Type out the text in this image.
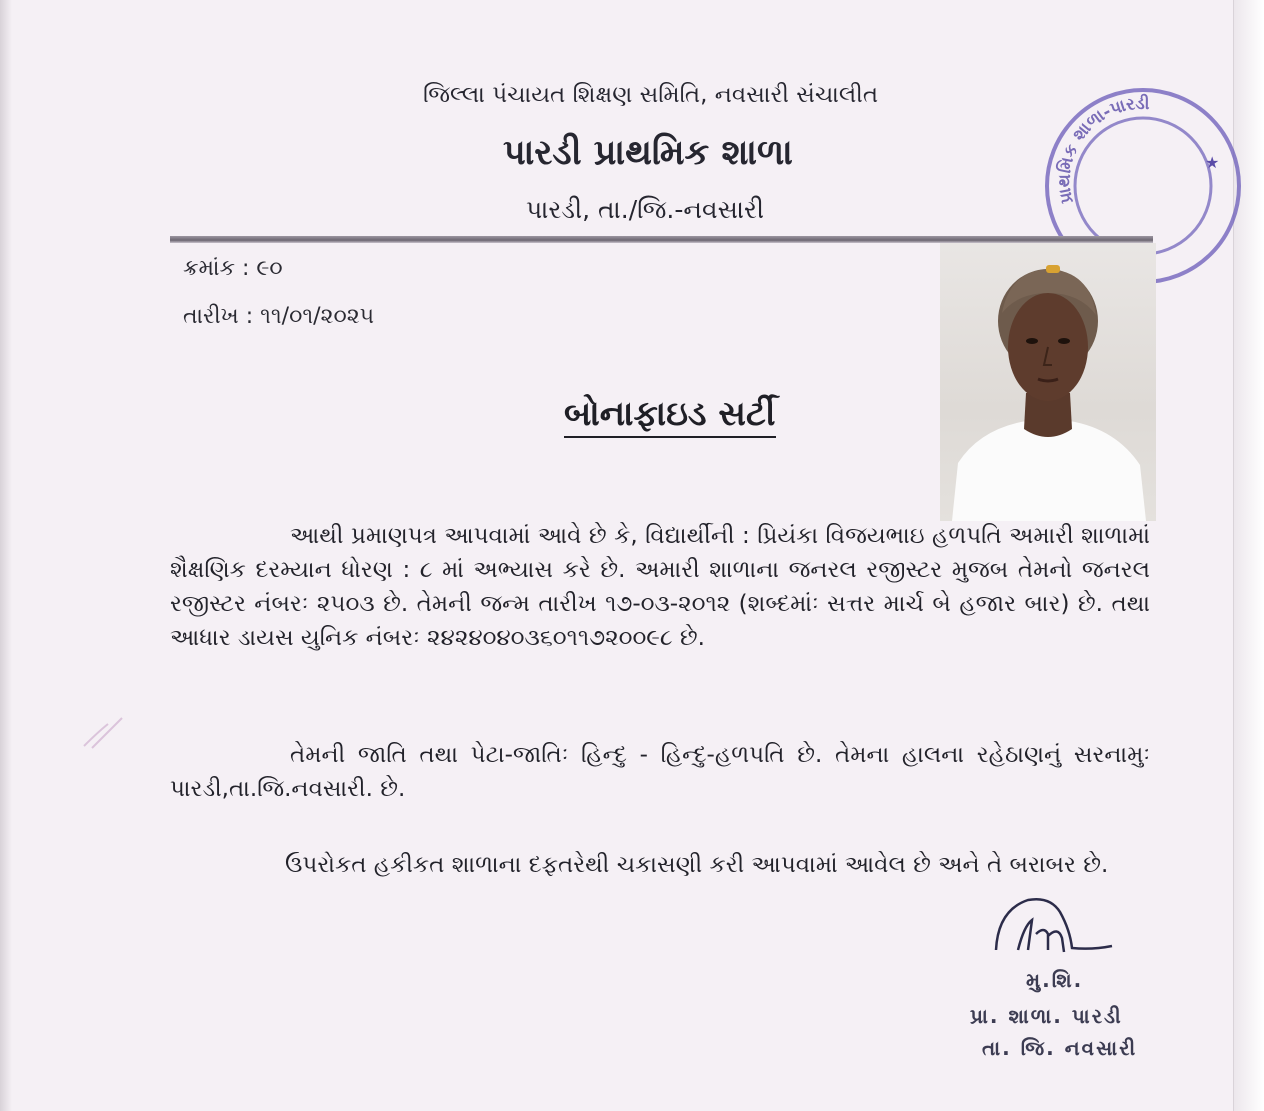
જિલ્લા પંચાયત શિક્ષણ સમિતિ, નવસારી સંચાલીત
પારડી પ્રાથમિક શાળા
પારડી, તા./જિ.-નવસારી	પ્રાથમિક શાળા-પારડી
★
ક્રમાંક : ૯૦
તારીખ : ૧૧/૦૧/૨૦૨૫
બોનાફાઇડ સર્ટી
આથી પ્રમાણપત્ર આપવામાં આવે છે કે, વિદ્યાર્થીની : પ્રિયંકા વિજયભાઇ હળપતિ અમારી શાળામાં શૈક્ષણિક દરમ્યાન ધોરણ : ૮ માં અભ્યાસ કરે છે. અમારી શાળાના જનરલ રજીસ્ટર મુજબ તેમનો જનરલ રજીસ્ટર નંબરઃ ૨૫૦૩ છે. તેમની જન્મ તારીખ ૧૭-૦૩-૨૦૧૨ (શબ્દમાંઃ સત્તર માર્ચ બે હજાર બાર) છે. તથા આધાર ડાયસ યુનિક નંબરઃ ૨૪૨૪૦૪૦૩૬૦૧૧૭૨૦૦૯૮ છે.
તેમની જાતિ તથા પેટા-જાતિઃ હિન્દુ - હિન્દુ-હળપતિ છે. તેમના હાલના રહેઠાણનું સરનામુઃ પારડી,તા.જિ.નવસારી. છે.
ઉપરોકત હકીકત શાળાના દફતરેથી ચકાસણી કરી આપવામાં આવેલ છે અને તે બરાબર છે.
મુ.શિ.
પ્રા. શાળા. પારડી
તા. જિ. નવસારી
